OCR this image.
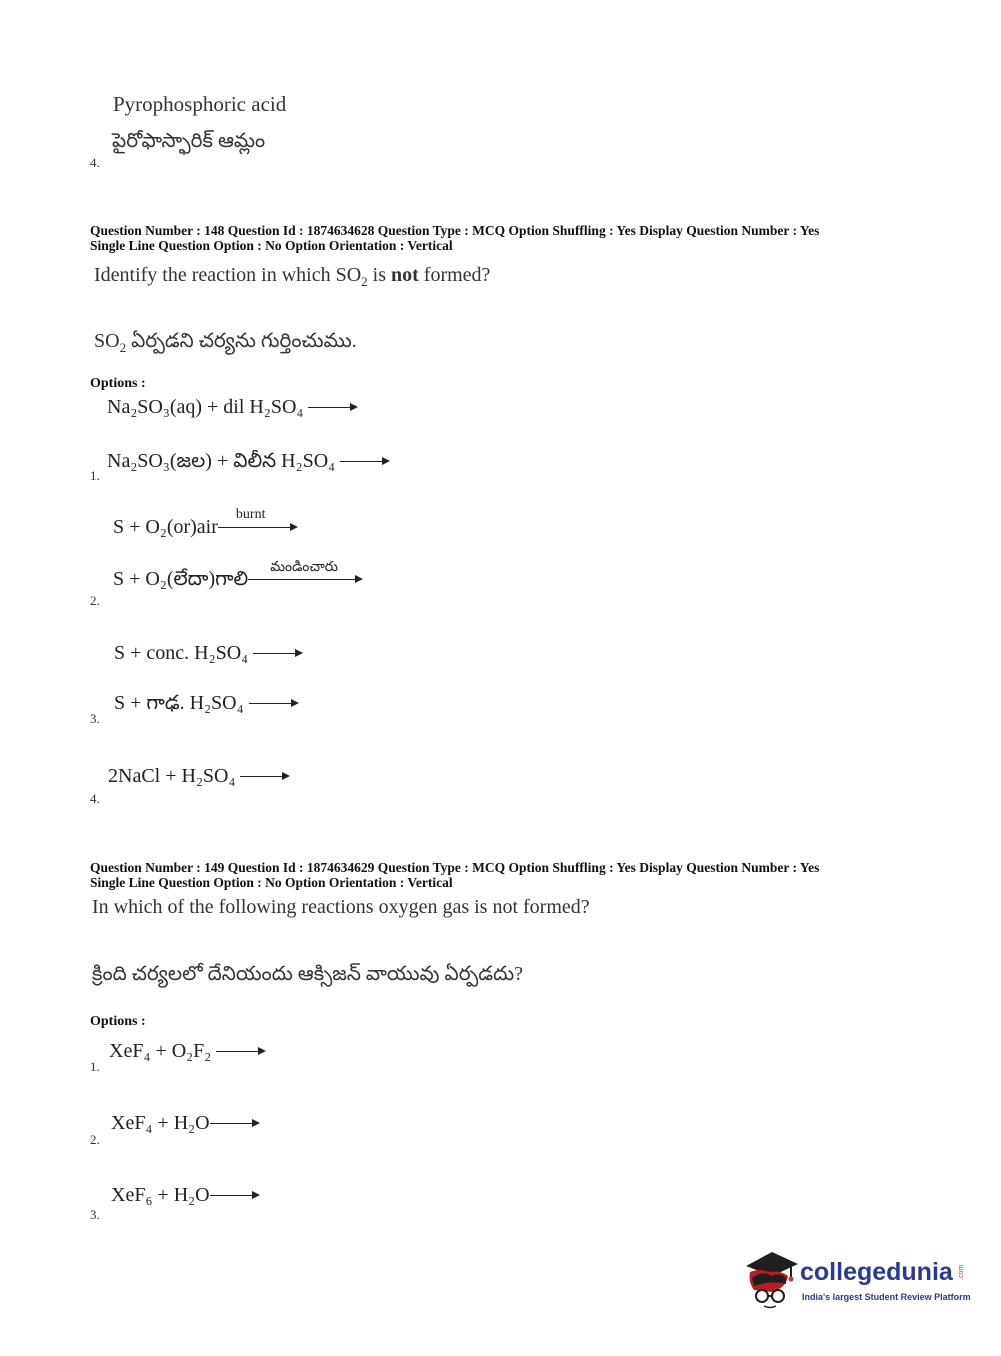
Pyrophosphoric acid
పైరోఫాస్ఫారిక్ ఆమ్లం
4.
Question Number : 148 Question Id : 1874634628 Question Type : MCQ Option Shuffling : Yes Display Question Number : Yes
Single Line Question Option : No Option Orientation : Vertical
Identify the reaction in which $SO_2$ is not formed?
$SO_2$ ఏర్పడని చర్యను గుర్తించుము.
Options :
Na₂SO₃(aq) + dil H₂SO₄
Na₂SO₃(జల) + విలీన H₂SO₄
1.
S + O₂(or)air
burnt
S + O₂(లేదా)గాలి
మండించారు
2.
S + conc. H₂SO₄
S + గాఢ. H₂SO₄
3.
2NaCl + H₂SO₄
4.
Question Number : 149 Question Id : 1874634629 Question Type : MCQ Option Shuffling : Yes Display Question Number : Yes
Single Line Question Option : No Option Orientation : Vertical
In which of the following reactions oxygen gas is not formed?
క్రింది చర్యలలో దేనియందు ఆక్సిజన్ వాయువు ఏర్పడదు?
Options :
XeF₄ + O₂F₂
1.
XeF₄ + H₂O
2.
XeF₆ + H₂O
3.
collegedunia
India's largest Student Review Platform
.com
